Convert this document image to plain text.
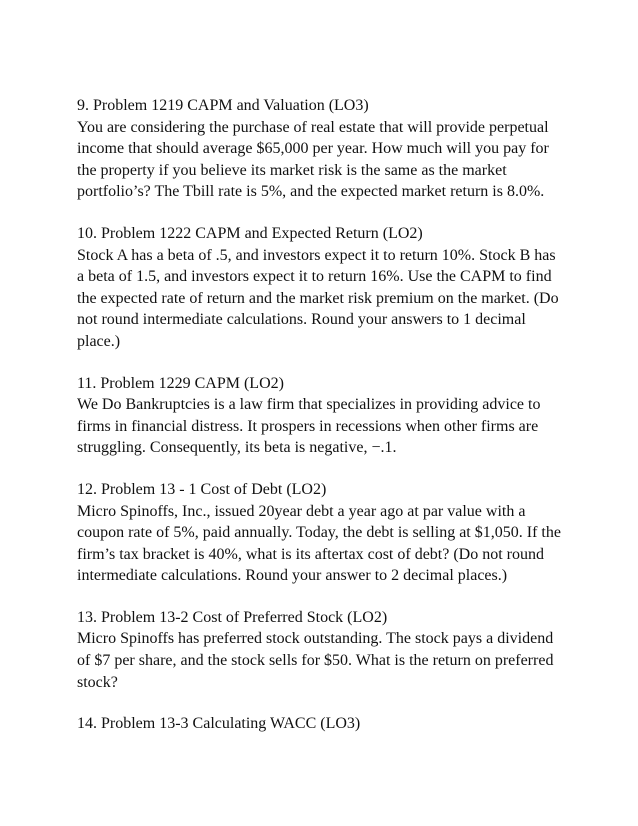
9. Problem 1219 CAPM and Valuation (LO3)
You are considering the purchase of real estate that will provide perpetual income that should average $65,000 per year. How much will you pay for the property if you believe its market risk is the same as the market portfolio’s? The Tbill rate is 5%, and the expected market return is 8.0%.
10. Problem 1222 CAPM and Expected Return (LO2)
Stock A has a beta of .5, and investors expect it to return 10%. Stock B has a beta of 1.5, and investors expect it to return 16%. Use the CAPM to find the expected rate of return and the market risk premium on the market. (Do not round intermediate calculations. Round your answers to 1 decimal place.)
11. Problem 1229 CAPM (LO2)
We Do Bankruptcies is a law firm that specializes in providing advice to firms in financial distress. It prospers in recessions when other firms are struggling. Consequently, its beta is negative, −.1.
12. Problem 13 - 1 Cost of Debt (LO2)
Micro Spinoffs, Inc., issued 20year debt a year ago at par value with a coupon rate of 5%, paid annually. Today, the debt is selling at $1,050. If the firm’s tax bracket is 40%, what is its aftertax cost of debt? (Do not round intermediate calculations. Round your answer to 2 decimal places.)
13. Problem 13-2 Cost of Preferred Stock (LO2)
Micro Spinoffs has preferred stock outstanding. The stock pays a dividend of $7 per share, and the stock sells for $50. What is the return on preferred stock?
14. Problem 13-3 Calculating WACC (LO3)
